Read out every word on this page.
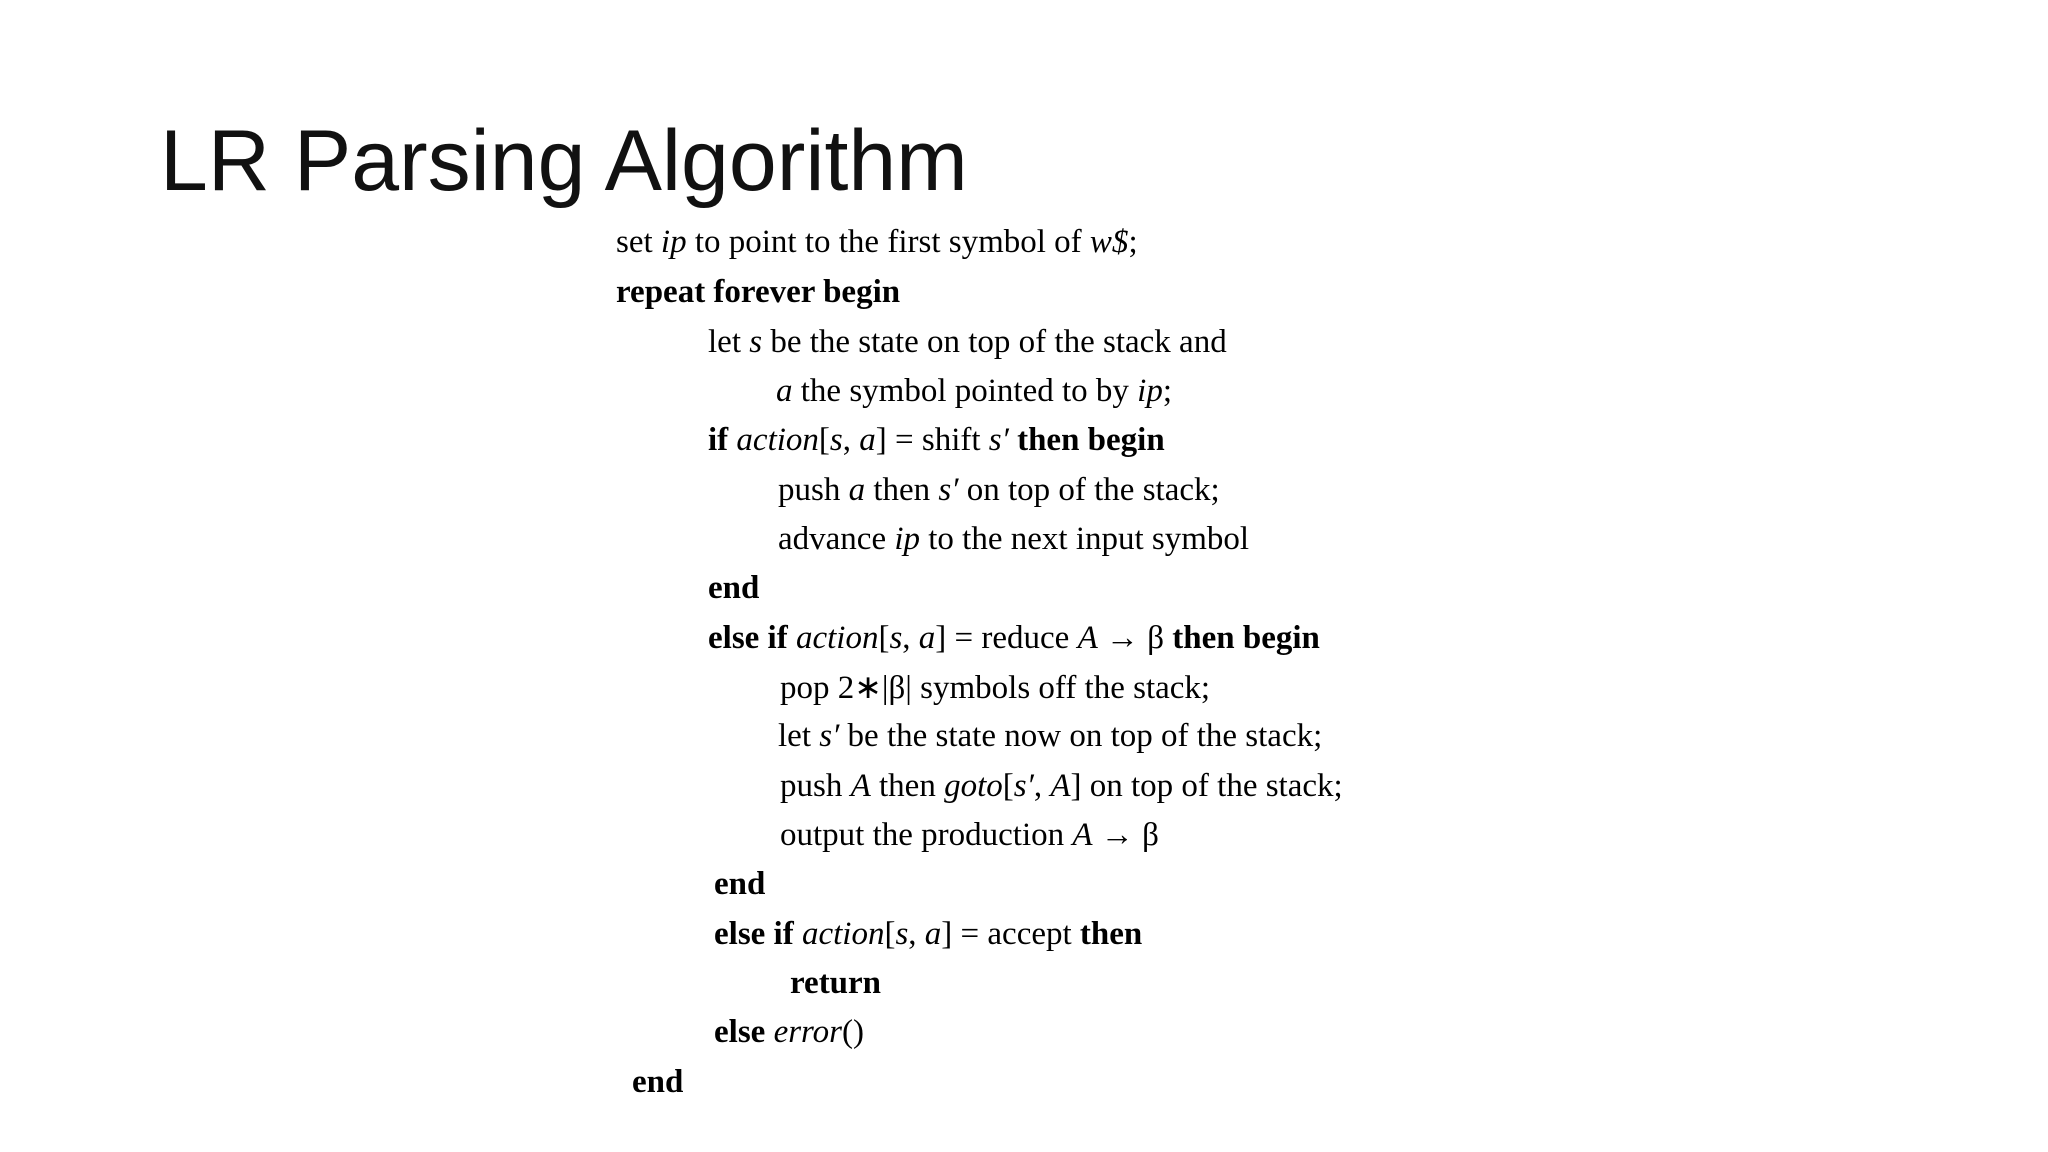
LR Parsing Algorithm
set ip to point to the first symbol of w$;
repeat forever begin
let s be the state on top of the stack and
a the symbol pointed to by ip;
if action[s, a] = shift s′ then begin
push a then s′ on top of the stack;
advance ip to the next input symbol
end
else if action[s, a] = reduce A → β then begin
pop 2∗|β| symbols off the stack;
let s′ be the state now on top of the stack;
push A then goto[s′, A] on top of the stack;
output the production A → β
end
else if action[s, a] = accept then
return
else error()
end
